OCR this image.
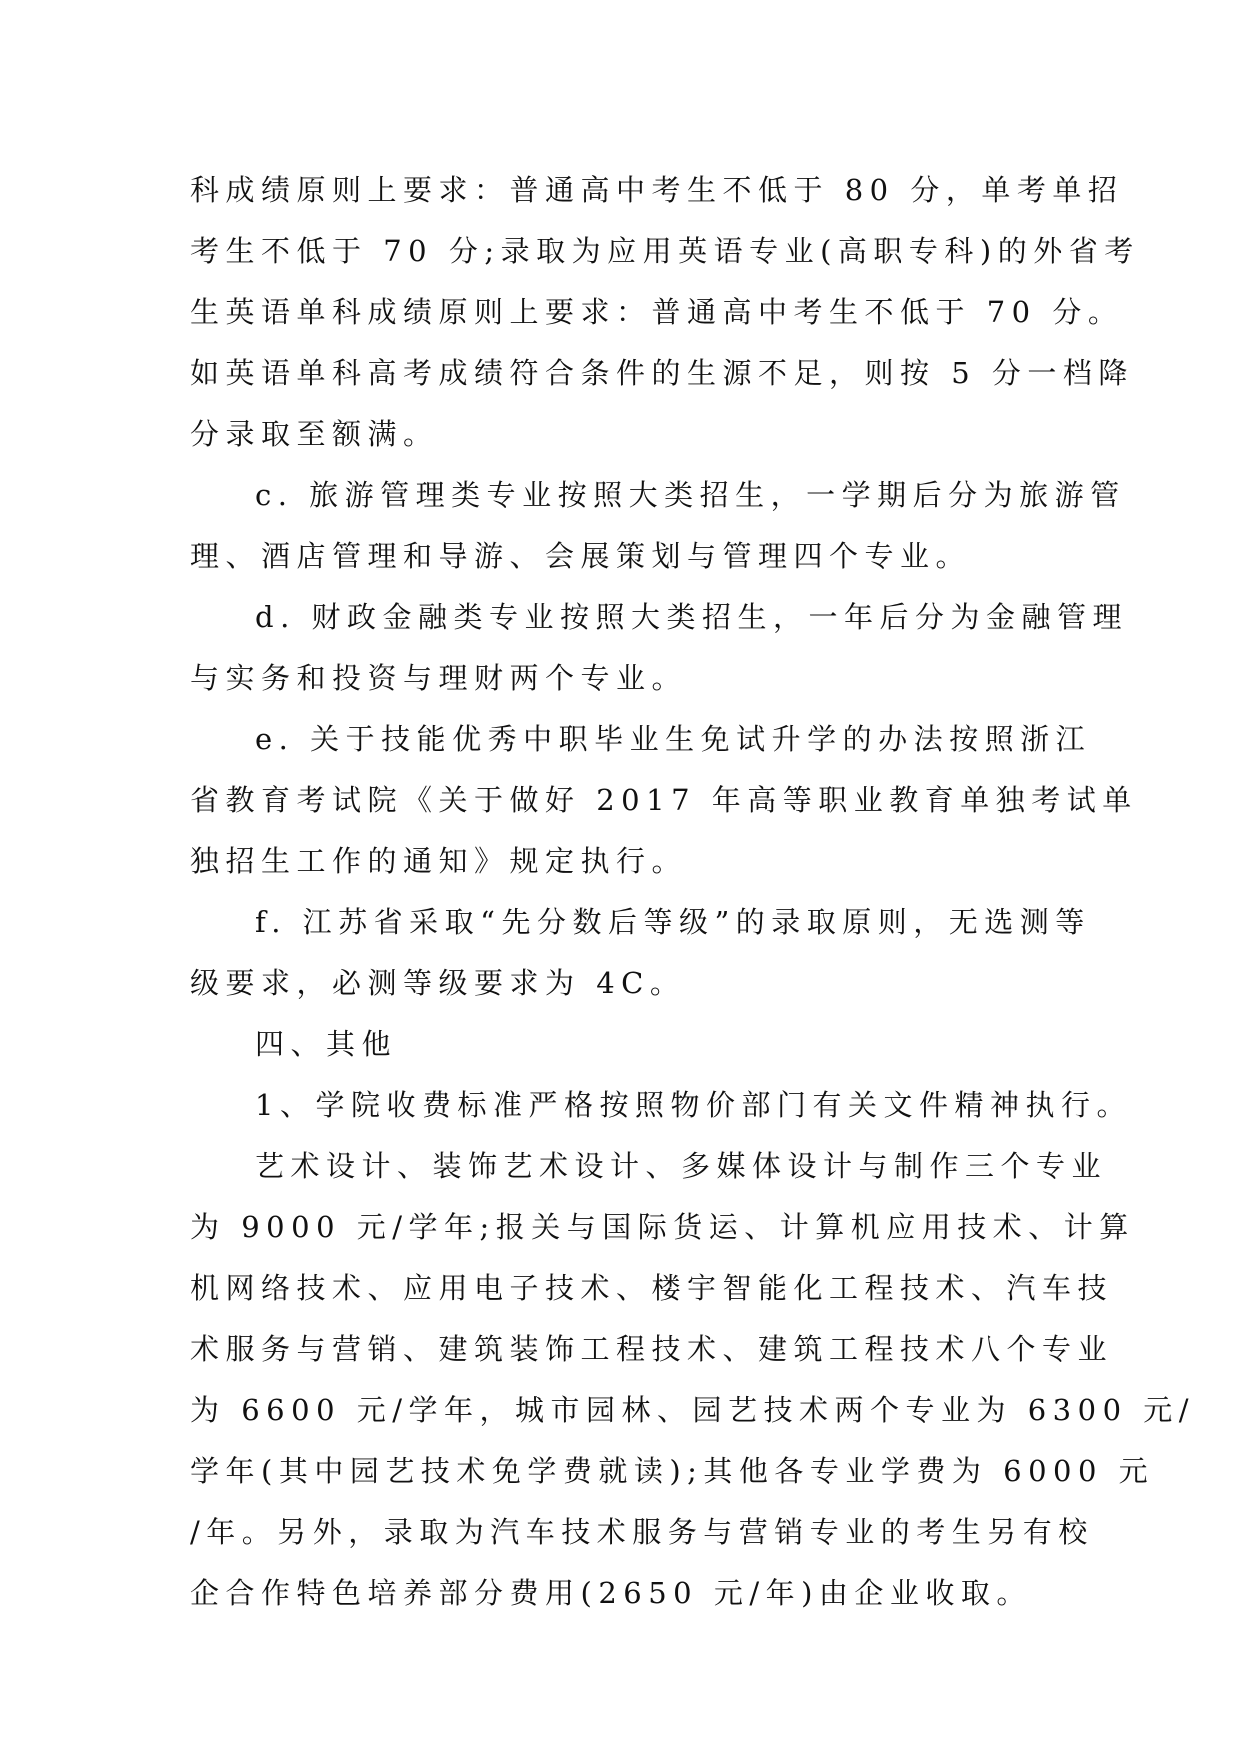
科成绩原则上要求：普通高中考生不低于 80 分，单考单招
考生不低于 70 分;录取为应用英语专业(高职专科)的外省考
生英语单科成绩原则上要求：普通高中考生不低于 70 分。
如英语单科高考成绩符合条件的生源不足，则按 5 分一档降
分录取至额满。
c. 旅游管理类专业按照大类招生，一学期后分为旅游管
理、酒店管理和导游、会展策划与管理四个专业。
d. 财政金融类专业按照大类招生，一年后分为金融管理
与实务和投资与理财两个专业。
e. 关于技能优秀中职毕业生免试升学的办法按照浙江
省教育考试院《关于做好 2017 年高等职业教育单独考试单
独招生工作的通知》规定执行。
f. 江苏省采取“先分数后等级”的录取原则，无选测等
级要求，必测等级要求为 4C。
四、其他
1、学院收费标准严格按照物价部门有关文件精神执行。
艺术设计、装饰艺术设计、多媒体设计与制作三个专业
为 9000 元/学年;报关与国际货运、计算机应用技术、计算
机网络技术、应用电子技术、楼宇智能化工程技术、汽车技
术服务与营销、建筑装饰工程技术、建筑工程技术八个专业
为 6600 元/学年，城市园林、园艺技术两个专业为 6300 元/
学年(其中园艺技术免学费就读);其他各专业学费为 6000 元
/年。另外，录取为汽车技术服务与营销专业的考生另有校
企合作特色培养部分费用(2650 元/年)由企业收取。
